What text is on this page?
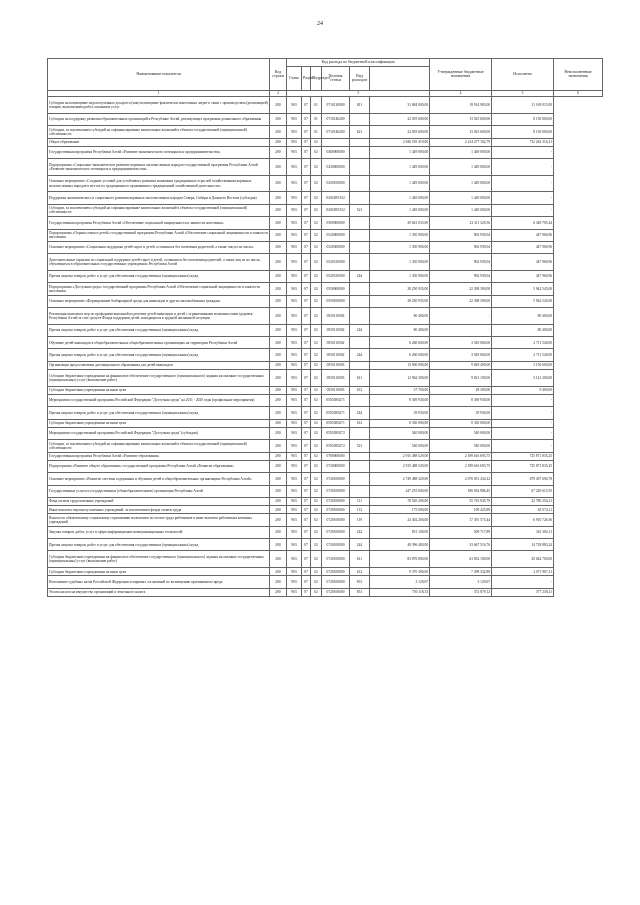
24
Наименование показателя	Код строки	Код расхода по бюджетной классификации						Утвержденные бюджетные назначения	Исполнено	Неисполненные назначения
		Глава	Раздел	Подраздел	Целевая статья	Вид расходов				
1	2	3						4	5	6
Субсидии на возмещение недополученных доходов и (или) возмещение фактически понесенных затрат в связи с производством (реализацией) товаров, выполнением работ, оказанием услуг	200	903	07	01	0710120000	811	31 084 000,00	19 914 983,00	11 169 015,00	
Субсидии на поддержку развития образовательных организаций в Республике Алтай, реализующих программы дошкольного образования	200	903	07	01	0710146200		22 055 600,00	13 925 600,00	8 130 000,00	
Субсидии, за исключением субсидий на софинансирование капитальных вложений в объекты государственной (муниципальной) собственности	200	903	07	01	0710146200	621	22 055 600,00	13 925 600,00	8 130 000,00	
Общее образование	200	903	07	02			2 946 539 419,00	2 214 277 102,79	732 262 316,21	
Государственная программа Республики Алтай «Развитие экономического потенциала и предпринимательства»	200	903	07	02	0400000000		1 449 000,00	1 449 000,00	-	
Подпрограмма «Социально-экономическое развитие коренных малочисленных народов государственной программы Республики Алтай «Развитие экономического потенциала и предпринимательства»	200	903	07	02	0430000000		1 449 000,00	1 449 000,00	-	
Основное мероприятие «Создание условий для устойчивого развития экономики традиционных отраслей хозяйствования коренных малочисленных народов в местах их традиционного проживания и традиционной хозяйственной деятельности»	200	903	07	02	0430100000		1 449 000,00	1 449 000,00	-	
Поддержка экономического и социального развития коренных малочисленных народов Севера, Сибири и Дальнего Востока (субсидия)	200	903	07	02	04301R5152		1 449 000,00	1 449 000,00	-	
Субсидии, за исключением субсидий на софинансирование капитальных вложений в объекты государственной (муниципальной) собственности	200	903	07	02	04301R5152	521	1 449 000,00	1 449 000,00	-	
Государственная программа Республики Алтай «Обеспечение социальной защищенности и занятости населения»	200	903	07	02	0500000000		29 661 035,00	23 311 329,56	6 349 705,44	
Подпрограмма «Охрана семьи и детей» государственной программы Республики Алтай «Обеспечение социальной защищенности и занятости населения»	200	903	07	02	0520000000		1 350 900,00	902 939,04	447 960,96	
Основное мероприятие «Социальная поддержка детей-сирот и детей, оставшихся без попечения родителей, а также лиц из их числа»	200	903	07	02	0520300000		1 350 900,00	902 939,04	447 960,96	
Дополнительные гарантии по социальной поддержке детей-сирот и детей, оставшихся без попечения родителей, а также лиц из их числа, обучающихся в образовательных государственных учреждениях Республики Алтай	200	903	07	02	0520310000		1 350 900,00	902 939,04	447 960,96	
Прочая закупка товаров, работ и услуг для обеспечения государственных (муниципальных) нужд	200	903	07	02	0520310000	244	1 350 900,00	902 939,04	447 960,96	
Подпрограмма «Доступная среда» государственной программы Республики Алтай «Обеспечение социальной защищенности и занятости населения»	200	903	07	02	0550000000		28 250 935,00	22 308 390,00	5 942 545,00	
Основное мероприятие «Формирование безбарьерной среды для инвалидов и других маломобильных граждан»	200	903	07	02	0550100000		28 250 935,00	22 308 390,00	5 942 545,00	
Реализация комплекса мер по профориентационной подготовке детей-инвалидов и детей с ограниченными возможностями здоровья Республики Алтай за счет средств Фонда поддержки детей, находящихся в трудной жизненной ситуации	200	903	07	02	0550110002		80 400,00	-	80 400,00	
Прочая закупка товаров, работ и услуг для обеспечения государственных (муниципальных) нужд	200	903	07	02	0550110002	244	80 400,00	-	80 400,00	
Обучение детей-инвалидов в общеобразовательных общеобразовательных организациях на территории Республики Алтай	200	903	07	02	0550110002		6 260 600,00	3 549 060,00	2 711 540,00	
Прочая закупка товаров, работ и услуг для обеспечения государственных (муниципальных) нужд	200	903	07	02	0550110002	244	6 260 600,00	3 549 060,00	2 711 540,00	
Организация предоставления дистанционного образования для детей-инвалидов	200	903	07	02	0550110003		13 000 000,00	9 849 400,00	3 150 600,00	
Субсидии бюджетным учреждениям на финансовое обеспечение государственного (муниципального) задания на оказание государственных (муниципальных) услуг (выполнение работ)	200	903	07	02	0550110003	611	12 962 300,00	9 821 100,00	3 141 200,00	
Субсидии бюджетным учреждениям на иные цели	200	903	07	02	0550110003	612	37 700,00	28 300,00	9 400,00	
Мероприятия государственной программы Российской Федерации "Доступная среда" на 2011 - 2020 годы (профильные мероприятия)	200	903	07	02	05501R0271		8 369 930,00	8 369 930,00	-	
Прочая закупка товаров, работ и услуг для обеспечения государственных (муниципальных) нужд	200	903	07	02	05501R0271	244	39 930,00	39 930,00	-	
Субсидии бюджетным учреждениям на иные цели	200	903	07	02	05501R0271	612	8 330 000,00	8 330 000,00	-	
Мероприятия государственной программы Российской Федерации "Доступная среда" (субсидия)	200	903	07	02	05501R0272		540 000,00	540 000,00	-	
Субсидии, за исключением субсидий на софинансирование капитальных вложений в объекты государственной (муниципальной) собственности	200	903	07	02	05501R0272	521	540 000,00	540 000,00	-	
Государственная программа Республики Алтай «Развитие образования»	200	903	07	02	0700000000		2 915 488 529,00	2 189 616 693,75	725 871 835,25	
Подпрограмма «Развитие общего образования» государственной программы Республики Алтай «Развитие образования»	200	903	07	02	0720000000		2 915 488 529,00	2 189 616 693,75	725 871 835,25	
Основное мероприятие «Развитие системы содержания и обучения детей в общеобразовательных организациях Республики Алтай»	200	903	07	02	0720100000		2 749 488 329,00	2 070 051 434,22	679 437 694,78	
Государственные услуги и государственные (общеобразовательные) организации Республики Алтай	200	903	07	02	0720100000		247 255 600,00	180 034 986,45	67 220 613,55	
Фонд оплаты труда казенных учреждений	200	903	07	02	0720100000	111	78 526 200,00	55 745 945,79	22 780 254,21	
Иные выплаты персоналу казенных учреждений, за исключением фонда оплаты труда	200	903	07	02	0720100000	112	175 000,00	109 425,89	65 574,11	
Взносы по обязательному социальному страхованию на выплаты по оплате труда работников и иные выплаты работникам казенных учреждений	200	903	07	02	0720100000	119	24 302 200,00	17 391 573,44	6 910 726,56	
Закупка товаров, работ, услуг в сфере информационно-коммуникационных технологий	200	903	07	02	0720100000	242	851 100,00	509 717,89	341 382,11	
Прочая закупка товаров, работ и услуг для обеспечения государственных (муниципальных) нужд	200	903	07	02	0720100000	244	48 396 400,00	33 667 516,76	14 728 883,24	
Субсидии бюджетным учреждениям на финансовое обеспечение государственного (муниципального) задания на оказание государственных (муниципальных) услуг (выполнение работ)	200	903	07	02	0720100000	611	83 876 800,00	63 832 100,00	20 044 700,00	
Субсидии бюджетным учреждениям на иные цели	200	903	07	02	0720100000	612	9 370 300,00	7 298 332,89	2 071 967,11	
Исполнение судебных актов Российской Федерации и мировых соглашений по возмещению причиненного вреда	200	903	07	02	0720100000	831	3 129,67	3 129,67	-	
Уплата налога на имущество организаций и земельного налога	200	903	07	02	0720100000	851	750 118,33	372 879,12	377 239,21	
